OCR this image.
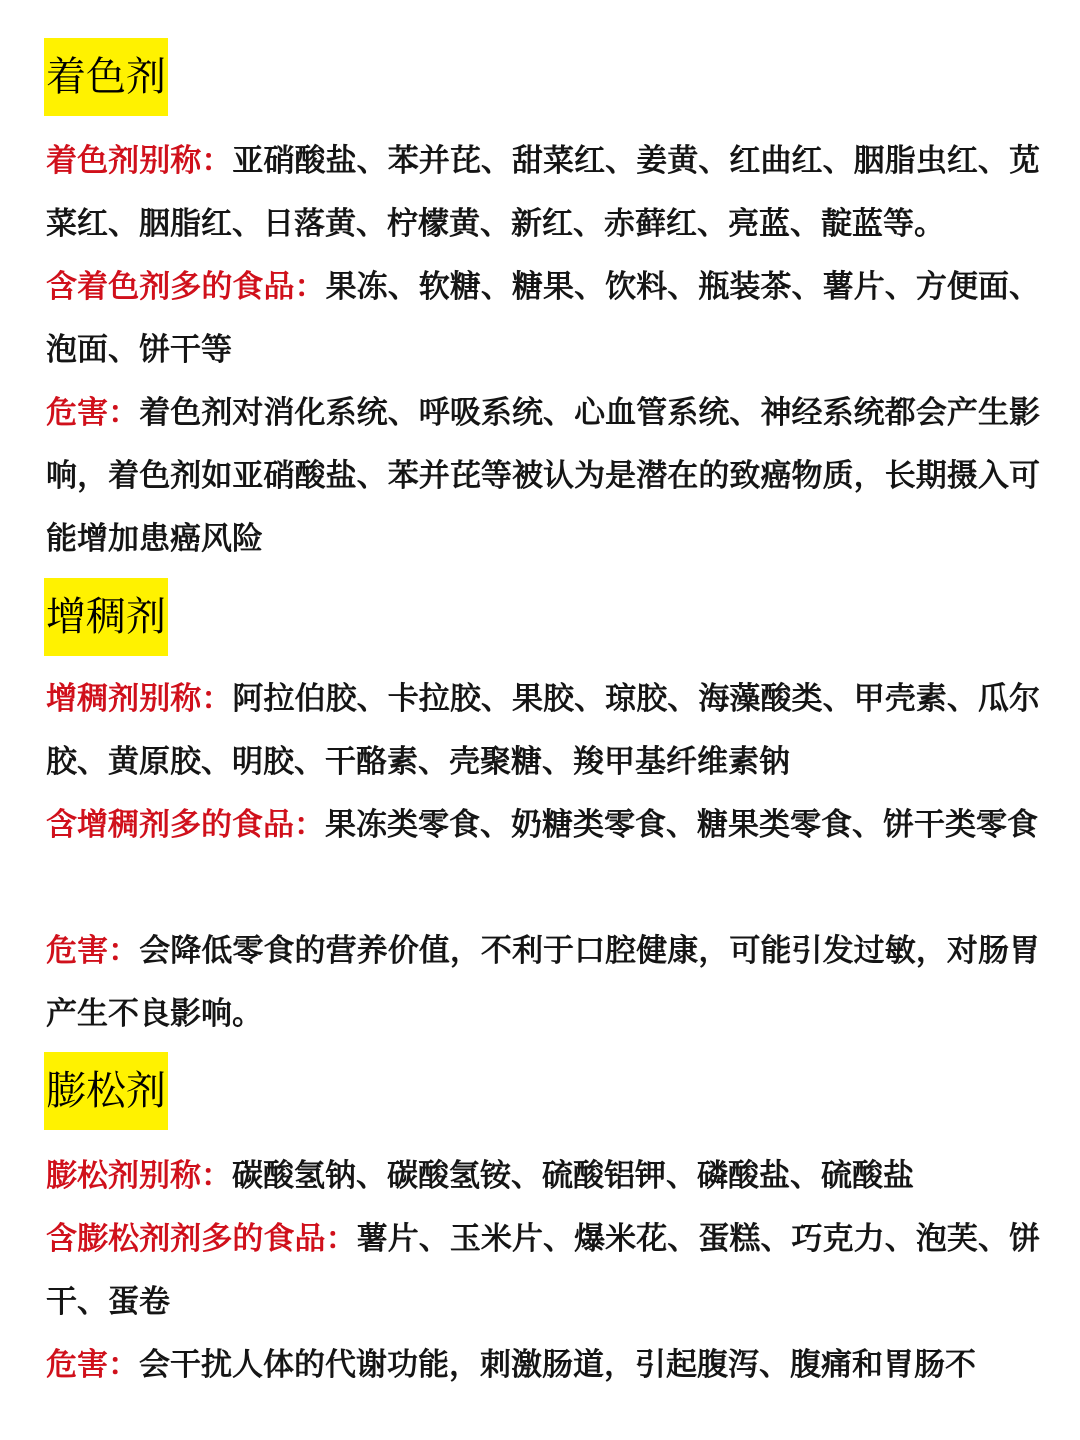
着色剂
着色剂别称：亚硝酸盐、苯并芘、甜菜红、姜黄、红曲红、胭脂虫红、苋菜红、胭脂红、日落黄、柠檬黄、新红、赤藓红、亮蓝、靛蓝等。
含着色剂多的食品：果冻、软糖、糖果、饮料、瓶装茶、薯片、方便面、泡面、饼干等
危害：着色剂对消化系统、呼吸系统、心血管系统、神经系统都会产生影响，着色剂如亚硝酸盐、苯并芘等被认为是潜在的致癌物质，长期摄入可能增加患癌风险
增稠剂
增稠剂别称：阿拉伯胶、卡拉胶、果胶、琼胶、海藻酸类、甲壳素、瓜尔胶、黄原胶、明胶、干酪素、壳聚糖、羧甲基纤维素钠
含增稠剂多的食品：果冻类零食、奶糖类零食、糖果类零食、饼干类零食
危害：会降低零食的营养价值，不利于口腔健康，可能引发过敏，对肠胃产生不良影响。
膨松剂
膨松剂别称：碳酸氢钠、碳酸氢铵、硫酸铝钾、磷酸盐、硫酸盐
含膨松剂剂多的食品：薯片、玉米片、爆米花、蛋糕、巧克力、泡芙、饼干、蛋卷
危害：会干扰人体的代谢功能，刺激肠道，引起腹泻、腹痛和胃肠不
